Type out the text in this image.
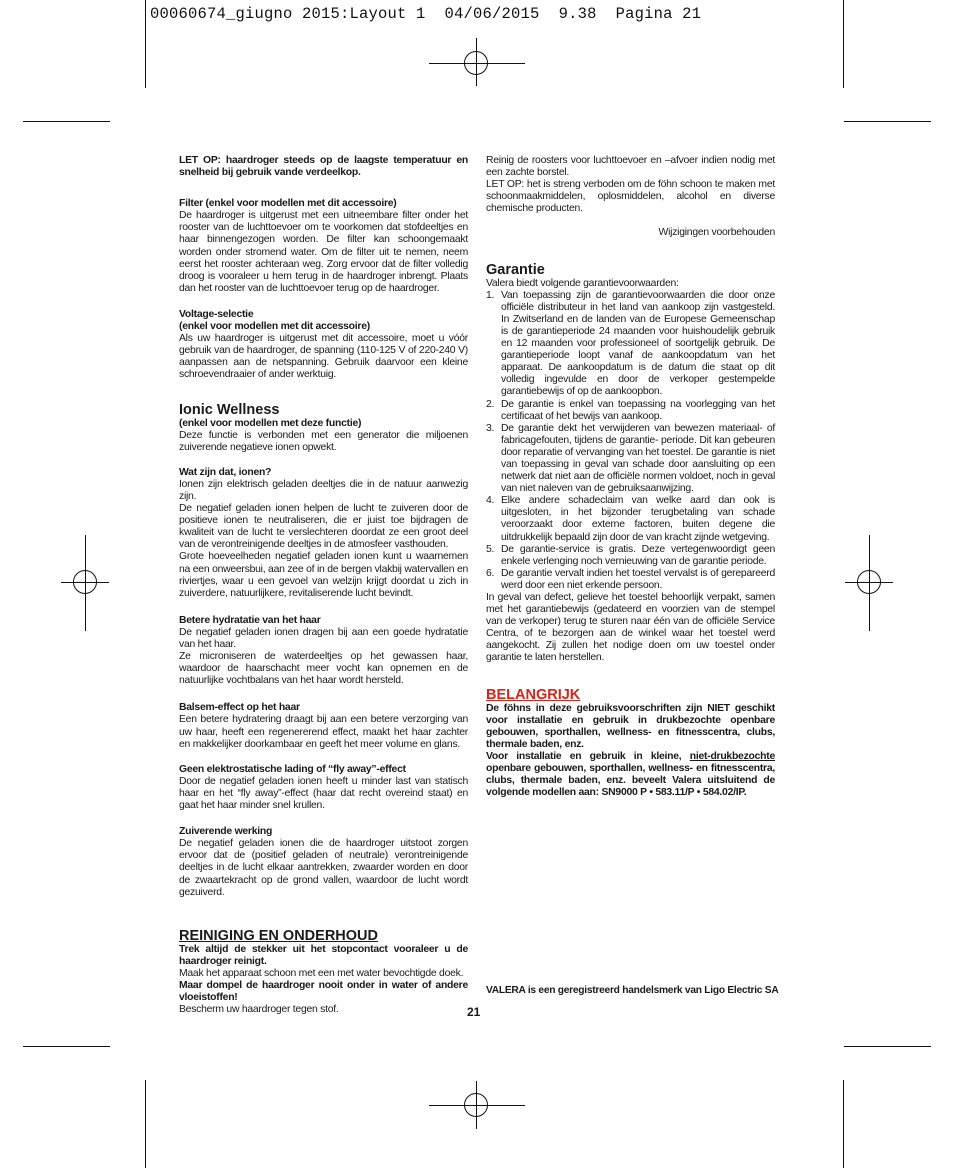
00060674_giugno 2015:Layout 1  04/06/2015  9.38  Pagina 21

LET OP: haardroger steeds op de laagste temperatuur en snelheid bij gebruik vande verdeelkop.

Filter (enkel voor modellen met dit accessoire)

De haardroger is uitgerust met een uitneembare filter onder het rooster van de luchttoevoer om te voorkomen dat stofdeeltjes en haar binnengezogen worden. De filter kan schoongemaakt worden onder stromend water. Om de filter uit te nemen, neem eerst het rooster achteraan weg. Zorg ervoor dat de filter volledig droog is vooraleer u hem terug in de haardroger inbrengt. Plaats dan het rooster van de luchttoevoer terug op de haardroger.

Voltage-selectie

(enkel voor modellen met dit accessoire)

Als uw haardroger is uitgerust met dit accessoire, moet u vóór gebruik van de haardroger, de spanning (110-125 V of 220-240 V) aanpassen aan de netspanning. Gebruik daarvoor een kleine schroevendraaier of ander werktuig.

Ionic Wellness

(enkel voor modellen met deze functie)

Deze functie is verbonden met een generator die miljoenen zuiverende negatieve ionen opwekt.

Wat zijn dat, ionen?

Ionen zijn elektrisch geladen deeltjes die in de natuur aanwezig zijn.

De negatief geladen ionen helpen de lucht te zuiveren door de positieve ionen te neutraliseren, die er juist toe bijdragen de kwaliteit van de lucht te verslechteren doordat ze een groot deel van de verontreinigende deeltjes in de atmosfeer vasthouden.

Grote hoeveelheden negatief geladen ionen kunt u waarnemen na een onweersbui, aan zee of in de bergen vlakbij watervallen en riviertjes, waar u een gevoel van welzijn krijgt doordat u zich in zuiverdere, natuurlijkere, revitaliserende lucht bevindt.

Betere hydratatie van het haar

De negatief geladen ionen dragen bij aan een goede hydratatie van het haar.

Ze microniseren de waterdeeltjes op het gewassen haar, waardoor de haarschacht meer vocht kan opnemen en de natuurlijke vochtbalans van het haar wordt hersteld.

Balsem-effect op het haar

Een betere hydratering draagt bij aan een betere verzorging van uw haar, heeft een regenererend effect, maakt het haar zachter en makkelijker doorkambaar en geeft het meer volume en glans.

Geen elektrostatische lading of “fly away”-effect

Door de negatief geladen ionen heeft u minder last van statisch haar en het “fly away”-effect (haar dat recht overeind staat) en gaat het haar minder snel krullen.

Zuiverende werking

De negatief geladen ionen die de haardroger uitstoot zorgen ervoor dat de (positief geladen of neutrale) verontreinigende deeltjes in de lucht elkaar aantrekken, zwaarder worden en door de zwaartekracht op de grond vallen, waardoor de lucht wordt gezuiverd.

REINIGING EN ONDERHOUD

Trek altijd de stekker uit het stopcontact vooraleer u de haardroger reinigt.

Maak het apparaat schoon met een met water bevochtigde doek.

Maar dompel de haardroger nooit onder in water of andere vloeistoffen!

Bescherm uw haardroger tegen stof.

Reinig de roosters voor luchttoevoer en –afvoer indien nodig met een zachte borstel.

LET OP: het is streng verboden om de föhn schoon te maken met schoonmaakmiddelen, oplosmiddelen, alcohol en diverse chemische producten.

Wijzigingen voorbehouden

Garantie

Valera biedt volgende garantievoorwaarden:

1. Van toepassing zijn de garantievoorwaarden die door onze officiële distributeur in het land van aankoop zijn vastgesteld. In Zwitserland en de landen van de Europese Gemeenschap is de garantieperiode 24 maanden voor huishoudelijk gebruik en 12 maanden voor professioneel of soortgelijk gebruik. De garantieperiode loopt vanaf de aankoopdatum van het apparaat. De aankoopdatum is de datum die staat op dit volledig ingevulde en door de verkoper gestempelde garantiebewijs of op de aankoopbon.
2. De garantie is enkel van toepassing na voorlegging van het certificaat of het bewijs van aankoop.
3. De garantie dekt het verwijderen van bewezen materiaal- of fabricagefouten, tijdens de garantie- periode. Dit kan gebeuren door reparatie of vervanging van het toestel. De garantie is niet van toepassing in geval van schade door aansluiting op een netwerk dat niet aan de officiële normen voldoet, noch in geval van niet naleven van de gebruiksaanwijzing.
4. Elke andere schadeclaim van welke aard dan ook is uitgesloten, in het bijzonder terugbetaling van schade veroorzaakt door externe factoren, buiten degene die uitdrukkelijk bepaald zijn door de van kracht zijnde wetgeving.
5. De garantie-service is gratis. Deze vertegenwoordigt geen enkele verlenging noch vernieuwing van de garantie periode.
6. De garantie vervalt indien het toestel vervalst is of gerepareerd werd door een niet erkende persoon.

In geval van defect, gelieve het toestel behoorlijk verpakt, samen met het garantiebewijs (gedateerd en voorzien van de stempel van de verkoper) terug te sturen naar één van de officiële Service Centra, of te bezorgen aan de winkel waar het toestel werd aangekocht. Zij zullen het nodige doen om uw toestel onder garantie te laten herstellen.

BELANGRIJK

De föhns in deze gebruiksvoorschriften zijn NIET geschikt voor installatie en gebruik in drukbezochte openbare gebouwen, sporthallen, wellness- en fitnesscentra, clubs, thermale baden, enz.

Voor installatie en gebruik in kleine, niet-drukbezochte openbare gebouwen, sporthallen, wellness- en fitnesscentra, clubs, thermale baden, enz. beveelt Valera uitsluitend de volgende modellen aan: SN9000 P • 583.11/P • 584.02/IP.

VALERA is een geregistreerd handelsmerk van Ligo Electric SA
21
